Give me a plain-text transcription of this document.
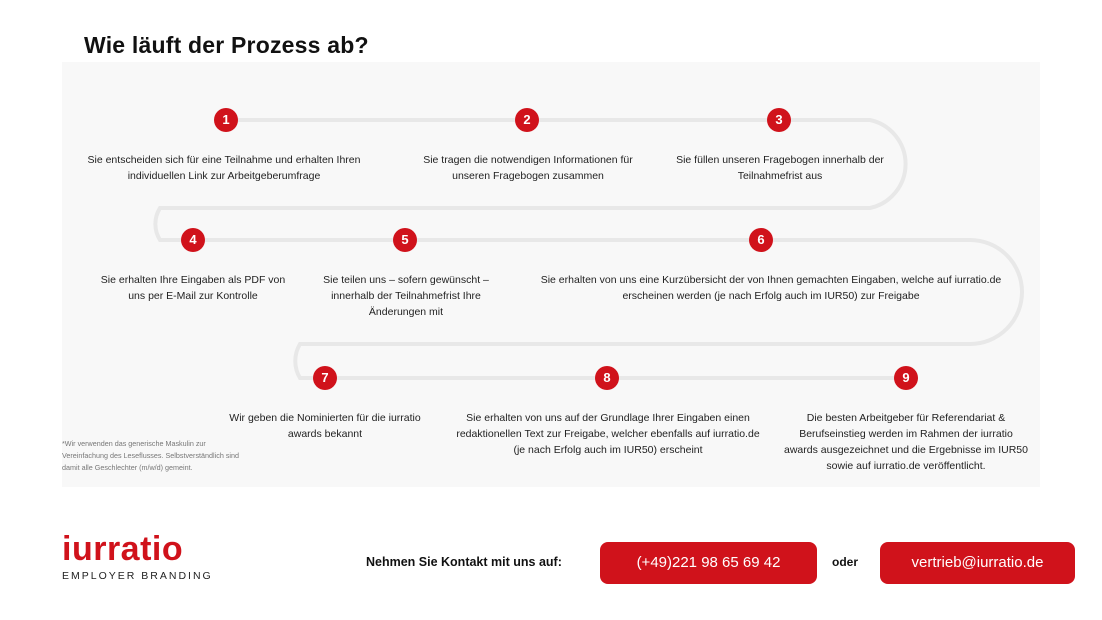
Wie läuft der Prozess ab?
1
Sie entscheiden sich für eine Teilnahme und erhalten Ihren individuellen Link zur Arbeitgeberumfrage
2
Sie tragen die notwendigen Informationen für unseren Fragebogen zusammen
3
Sie füllen unseren Fragebogen innerhalb der Teilnahmefrist aus
4
Sie erhalten Ihre Eingaben als PDF von uns per E-Mail zur Kontrolle
5
Sie teilen uns – sofern gewünscht – innerhalb der Teilnahmefrist Ihre Änderungen mit
6
Sie erhalten von uns eine Kurzübersicht der von Ihnen gemachten Eingaben, welche auf iurratio.de erscheinen werden (je nach Erfolg auch im IUR50) zur Freigabe
7
Wir geben die Nominierten für die iurratio awards bekannt
8
Sie erhalten von uns auf der Grundlage Ihrer Eingaben einen redaktionellen Text zur Freigabe, welcher ebenfalls auf iurratio.de (je nach Erfolg auch im IUR50) erscheint
9
Die besten Arbeitgeber für Referendariat & Berufseinstieg werden im Rahmen der iurratio awards ausgezeichnet und die Ergebnisse im IUR50 sowie auf iurratio.de veröffentlicht.
*Wir verwenden das generische Maskulin zur Vereinfachung des Leseflusses. Selbstverständlich sind damit alle Geschlechter (m/w/d) gemeint.
iurratio
EMPLOYER BRANDING
Nehmen Sie Kontakt mit uns auf:	(+49)221 98 65 69 42	oder	vertrieb@iurratio.de
